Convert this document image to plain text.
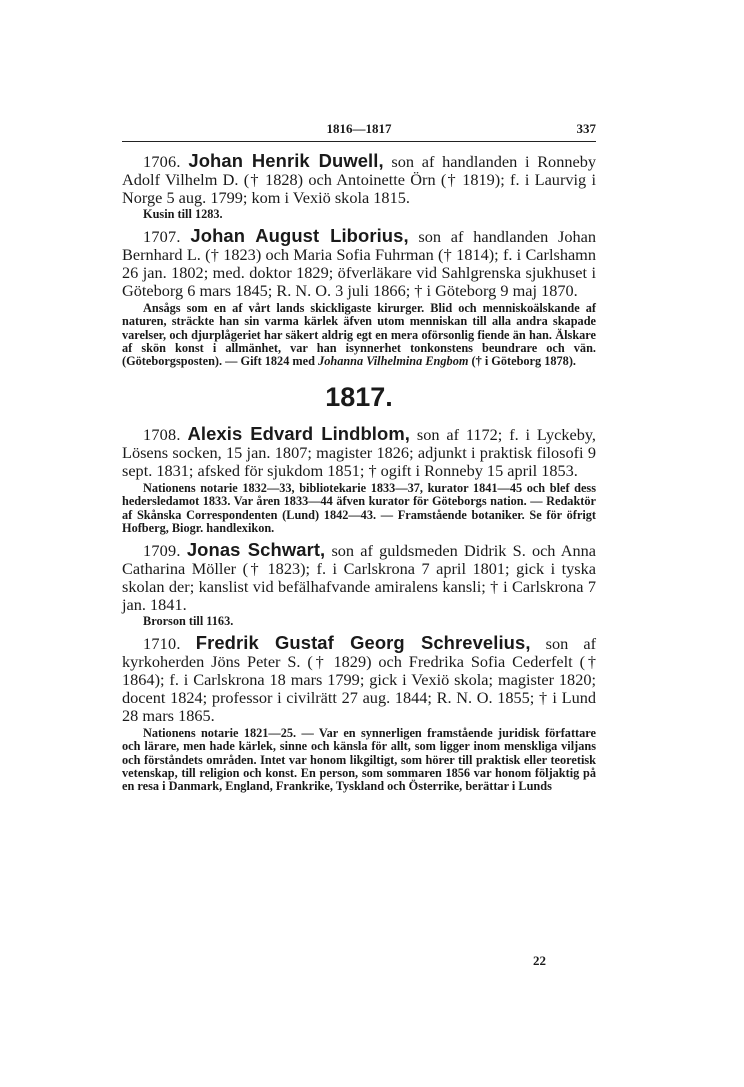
1816—1817	337

1706. Johan Henrik Duwell, son af handlanden i Ronneby Adolf Vilhelm D. († 1828) och Antoinette Örn († 1819); f. i Laurvig i Norge 5 aug. 1799; kom i Vexiö skola 1815.

Kusin till 1283.

1707. Johan August Liborius, son af handlanden Johan Bernhard L. († 1823) och Maria Sofia Fuhrman († 1814); f. i Carlshamn 26 jan. 1802; med. doktor 1829; öfverläkare vid Sahlgrenska sjukhuset i Göteborg 6 mars 1845; R. N. O. 3 juli 1866; † i Göteborg 9 maj 1870.

Ansågs som en af vårt lands skickligaste kirurger. Blid och menniskoälskande af naturen, sträckte han sin varma kärlek äfven utom menniskan till alla andra skapade varelser, och djurplågeriet har säkert aldrig egt en mera oförsonlig fiende än han. Älskare af skön konst i allmänhet, var han isynnerhet tonkonstens beundrare och vän. (Göteborgsposten). — Gift 1824 med Johanna Vilhelmina Engbom († i Göteborg 1878).

1817.

1708. Alexis Edvard Lindblom, son af 1172; f. i Lyckeby, Lösens socken, 15 jan. 1807; magister 1826; adjunkt i praktisk filosofi 9 sept. 1831; afsked för sjukdom 1851; † ogift i Ronneby 15 april 1853.

Nationens notarie 1832—33, bibliotekarie 1833—37, kurator 1841—45 och blef dess hedersledamot 1833. Var åren 1833—44 äfven kurator för Göteborgs nation. — Redaktör af Skånska Correspondenten (Lund) 1842—43. — Framstående botaniker. Se för öfrigt Hofberg, Biogr. handlexikon.

1709. Jonas Schwart, son af guldsmeden Didrik S. och Anna Catharina Möller († 1823); f. i Carlskrona 7 april 1801; gick i tyska skolan der; kanslist vid befälhafvande amiralens kansli; † i Carlskrona 7 jan. 1841.

Brorson till 1163.

1710. Fredrik Gustaf Georg Schrevelius, son af kyrkoherden Jöns Peter S. († 1829) och Fredrika Sofia Cederfelt († 1864); f. i Carlskrona 18 mars 1799; gick i Vexiö skola; magister 1820; docent 1824; professor i civilrätt 27 aug. 1844; R. N. O. 1855; † i Lund 28 mars 1865.

Nationens notarie 1821—25. — Var en synnerligen framstående juridisk författare och lärare, men hade kärlek, sinne och känsla för allt, som ligger inom menskliga viljans och förståndets områden. Intet var honom likgiltigt, som hörer till praktisk eller teoretisk vetenskap, till religion och konst. En person, som sommaren 1856 var honom följaktig på en resa i Danmark, England, Frankrike, Tyskland och Österrike, berättar i Lunds

22
